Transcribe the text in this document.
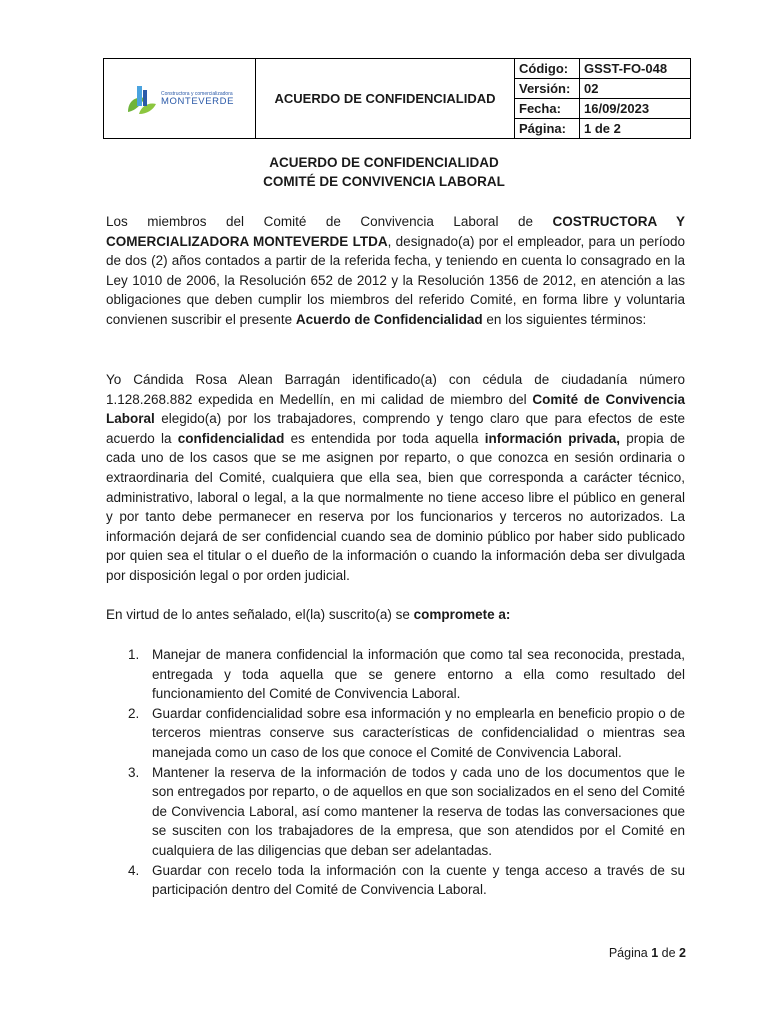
Constructora y comercializadora
MONTEVERDE	ACUERDO DE CONFIDENCIALIDAD	Código:	GSST-FO-048
		Versión:	02
		Fecha:	16/09/2023
		Página:	1 de 2
ACUERDO DE CONFIDENCIALIDAD
COMITÉ DE CONVIVENCIA LABORAL

Los miembros del Comité de Convivencia Laboral de COSTRUCTORA Y COMERCIALIZADORA MONTEVERDE LTDA, designado(a) por el empleador, para un período de dos (2) años contados a partir de la referida fecha, y teniendo en cuenta lo consagrado en la Ley 1010 de 2006, la Resolución 652 de 2012 y la Resolución 1356 de 2012, en atención a las obligaciones que deben cumplir los miembros del referido Comité, en forma libre y voluntaria convienen suscribir el presente Acuerdo de Confidencialidad en los siguientes términos:

Yo Cándida Rosa Alean Barragán identificado(a) con cédula de ciudadanía número 1.128.268.882 expedida en Medellín, en mi calidad de miembro del Comité de Convivencia Laboral elegido(a) por los trabajadores, comprendo y tengo claro que para efectos de este acuerdo la confidencialidad es entendida por toda aquella información privada, propia de cada uno de los casos que se me asignen por reparto, o que conozca en sesión ordinaria o extraordinaria del Comité, cualquiera que ella sea, bien que corresponda a carácter técnico, administrativo, laboral o legal, a la que normalmente no tiene acceso libre el público en general y por tanto debe permanecer en reserva por los funcionarios y terceros no autorizados. La información dejará de ser confidencial cuando sea de dominio público por haber sido publicado por quien sea el titular o el dueño de la información o cuando la información deba ser divulgada por disposición legal o por orden judicial.

En virtud de lo antes señalado, el(la) suscrito(a) se compromete a:

1. Manejar de manera confidencial la información que como tal sea reconocida, prestada, entregada y toda aquella que se genere entorno a ella como resultado del funcionamiento del Comité de Convivencia Laboral.
2. Guardar confidencialidad sobre esa información y no emplearla en beneficio propio o de terceros mientras conserve sus características de confidencialidad o mientras sea manejada como un caso de los que conoce el Comité de Convivencia Laboral.
3. Mantener la reserva de la información de todos y cada uno de los documentos que le son entregados por reparto, o de aquellos en que son socializados en el seno del Comité de Convivencia Laboral, así como mantener la reserva de todas las conversaciones que se susciten con los trabajadores de la empresa, que son atendidos por el Comité en cualquiera de las diligencias que deban ser adelantadas.
4. Guardar con recelo toda la información con la cuente y tenga acceso a través de su participación dentro del Comité de Convivencia Laboral.
Página 1 de 2
